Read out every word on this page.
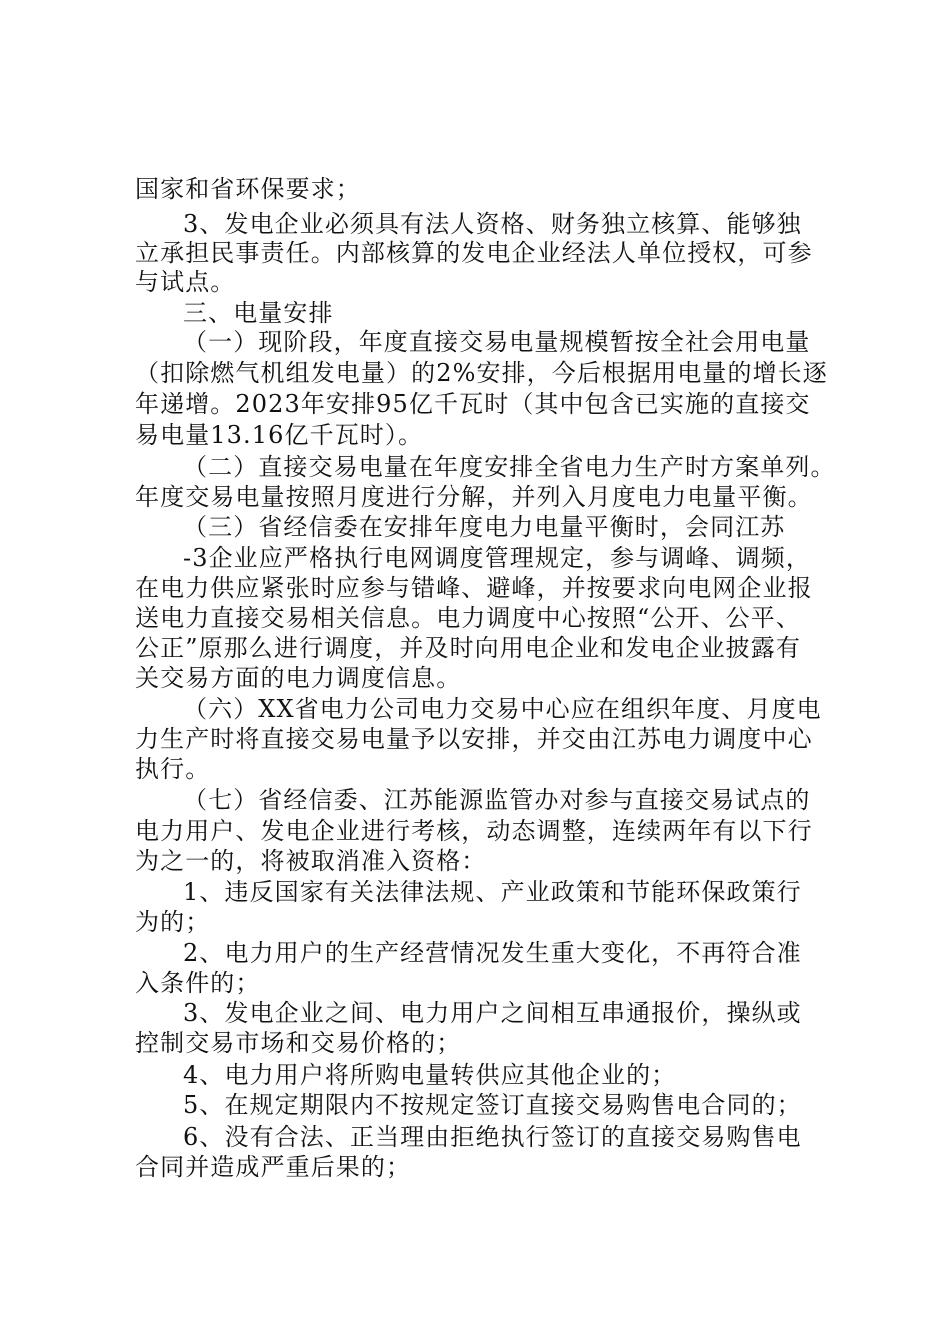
国家和省环保要求；
3、发电企业必须具有法人资格、财务独立核算、能够独
立承担民事责任。内部核算的发电企业经法人单位授权，可参
与试点。
三、电量安排
（一）现阶段，年度直接交易电量规模暂按全社会用电量
（扣除燃气机组发电量）的2%安排，今后根据用电量的增长逐
年递增。2023年安排95亿千瓦时（其中包含已实施的直接交
易电量13.16亿千瓦时）。
（二）直接交易电量在年度安排全省电力生产时方案单列。
年度交易电量按照月度进行分解，并列入月度电力电量平衡。
（三）省经信委在安排年度电力电量平衡时，会同江苏
-3企业应严格执行电网调度管理规定，参与调峰、调频，
在电力供应紧张时应参与错峰、避峰，并按要求向电网企业报
送电力直接交易相关信息。电力调度中心按照“公开、公平、
公正”原那么进行调度，并及时向用电企业和发电企业披露有
关交易方面的电力调度信息。
（六）XX省电力公司电力交易中心应在组织年度、月度电
力生产时将直接交易电量予以安排，并交由江苏电力调度中心
执行。
（七）省经信委、江苏能源监管办对参与直接交易试点的
电力用户、发电企业进行考核，动态调整，连续两年有以下行
为之一的，将被取消准入资格：
1、违反国家有关法律法规、产业政策和节能环保政策行
为的；
2、电力用户的生产经营情况发生重大变化，不再符合准
入条件的；
3、发电企业之间、电力用户之间相互串通报价，操纵或
控制交易市场和交易价格的；
4、电力用户将所购电量转供应其他企业的；
5、在规定期限内不按规定签订直接交易购售电合同的；
6、没有合法、正当理由拒绝执行签订的直接交易购售电
合同并造成严重后果的；
